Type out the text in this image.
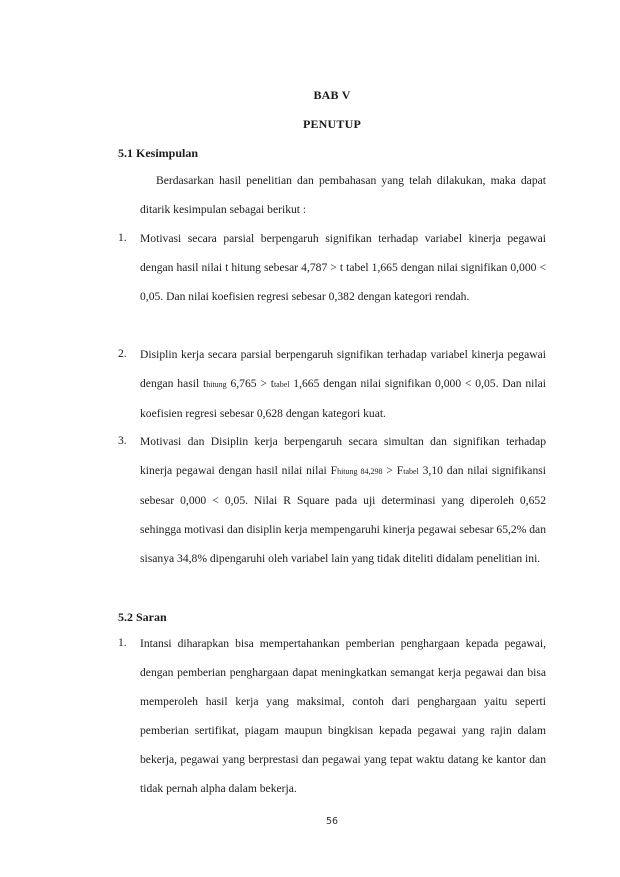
BAB V
PENUTUP
5.1 Kesimpulan
Berdasarkan hasil penelitian dan pembahasan yang telah dilakukan, maka dapat ditarik kesimpulan sebagai berikut :
1.	Motivasi secara parsial berpengaruh signifikan terhadap variabel kinerja pegawai dengan hasil nilai t hitung sebesar 4,787 > t tabel 1,665 dengan nilai signifikan 0,000 < 0,05. Dan nilai koefisien regresi sebesar 0,382 dengan kategori rendah.
2.	Disiplin kerja secara parsial berpengaruh signifikan terhadap variabel kinerja pegawai dengan hasil thitung 6,765 > ttabel 1,665 dengan nilai signifikan 0,000 < 0,05. Dan nilai koefisien regresi sebesar 0,628 dengan kategori kuat.
3.	Motivasi dan Disiplin kerja berpengaruh secara simultan dan signifikan terhadap kinerja pegawai dengan hasil nilai nilai Fhitung 84,298 > Ftabel 3,10 dan nilai signifikansi sebesar 0,000 < 0,05. Nilai R Square pada uji determinasi yang diperoleh 0,652 sehingga motivasi dan disiplin kerja mempengaruhi kinerja pegawai sebesar 65,2% dan sisanya 34,8% dipengaruhi oleh variabel lain yang tidak diteliti didalam penelitian ini.
5.2 Saran
1.	Intansi diharapkan bisa mempertahankan pemberian penghargaan kepada pegawai, dengan pemberian penghargaan dapat meningkatkan semangat kerja pegawai dan bisa memperoleh hasil kerja yang maksimal, contoh dari penghargaan yaitu seperti pemberian sertifikat, piagam maupun bingkisan kepada pegawai yang rajin dalam bekerja, pegawai yang berprestasi dan pegawai yang tepat waktu datang ke kantor dan tidak pernah alpha dalam bekerja.
56
